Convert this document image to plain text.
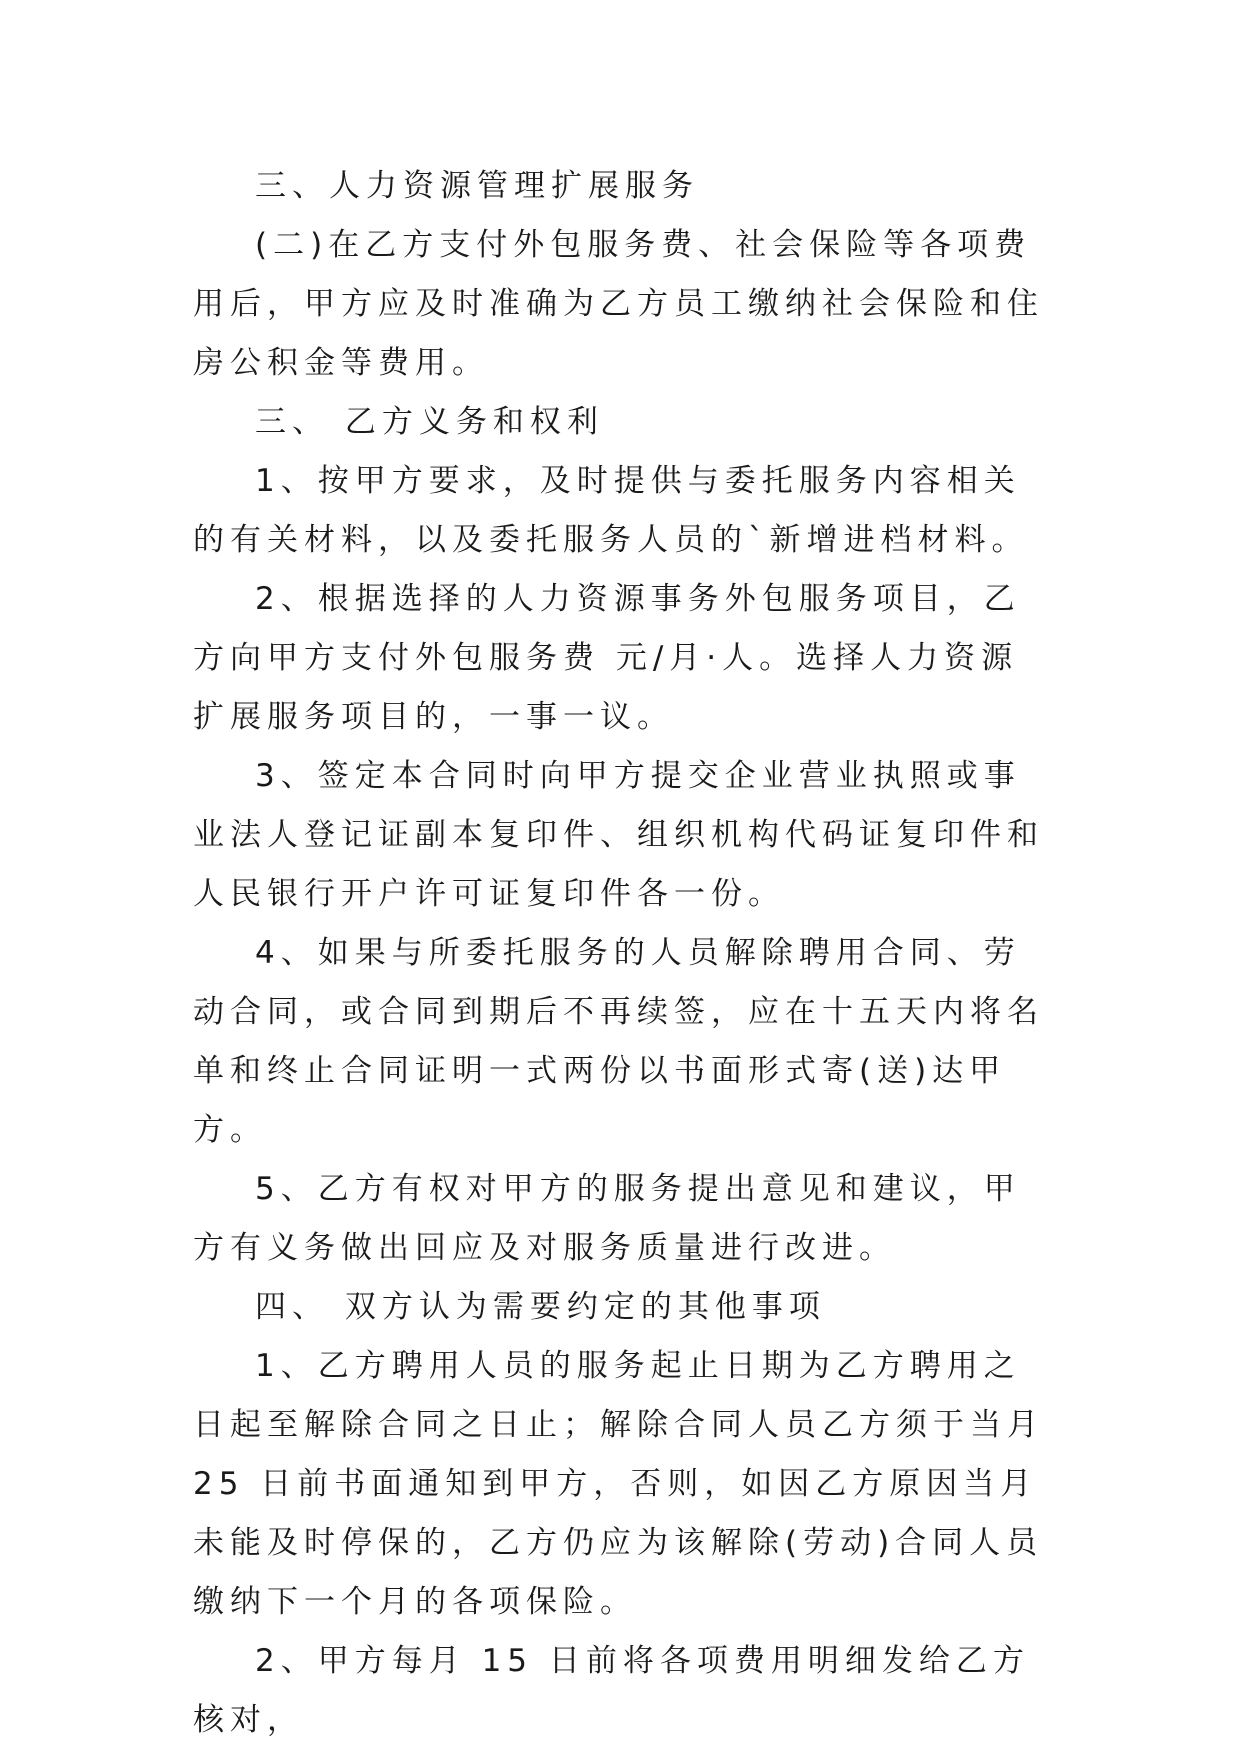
三、人力资源管理扩展服务

(二)在乙方支付外包服务费、社会保险等各项费用后，甲方应及时准确为乙方员工缴纳社会保险和住房公积金等费用。

三、 乙方义务和权利

1、按甲方要求，及时提供与委托服务内容相关的有关材料，以及委托服务人员的`新增进档材料。

2、根据选择的人力资源事务外包服务项目，乙方向甲方支付外包服务费 元/月·人。选择人力资源扩展服务项目的，一事一议。

3、签定本合同时向甲方提交企业营业执照或事业法人登记证副本复印件、组织机构代码证复印件和人民银行开户许可证复印件各一份。

4、如果与所委托服务的人员解除聘用合同、劳动合同，或合同到期后不再续签，应在十五天内将名单和终止合同证明一式两份以书面形式寄(送)达甲方。

5、乙方有权对甲方的服务提出意见和建议，甲方有义务做出回应及对服务质量进行改进。

四、 双方认为需要约定的其他事项

1、乙方聘用人员的服务起止日期为乙方聘用之日起至解除合同之日止；解除合同人员乙方须于当月 25 日前书面通知到甲方，否则，如因乙方原因当月未能及时停保的，乙方仍应为该解除(劳动)合同人员缴纳下一个月的各项保险。

2、甲方每月 15 日前将各项费用明细发给乙方核对，
